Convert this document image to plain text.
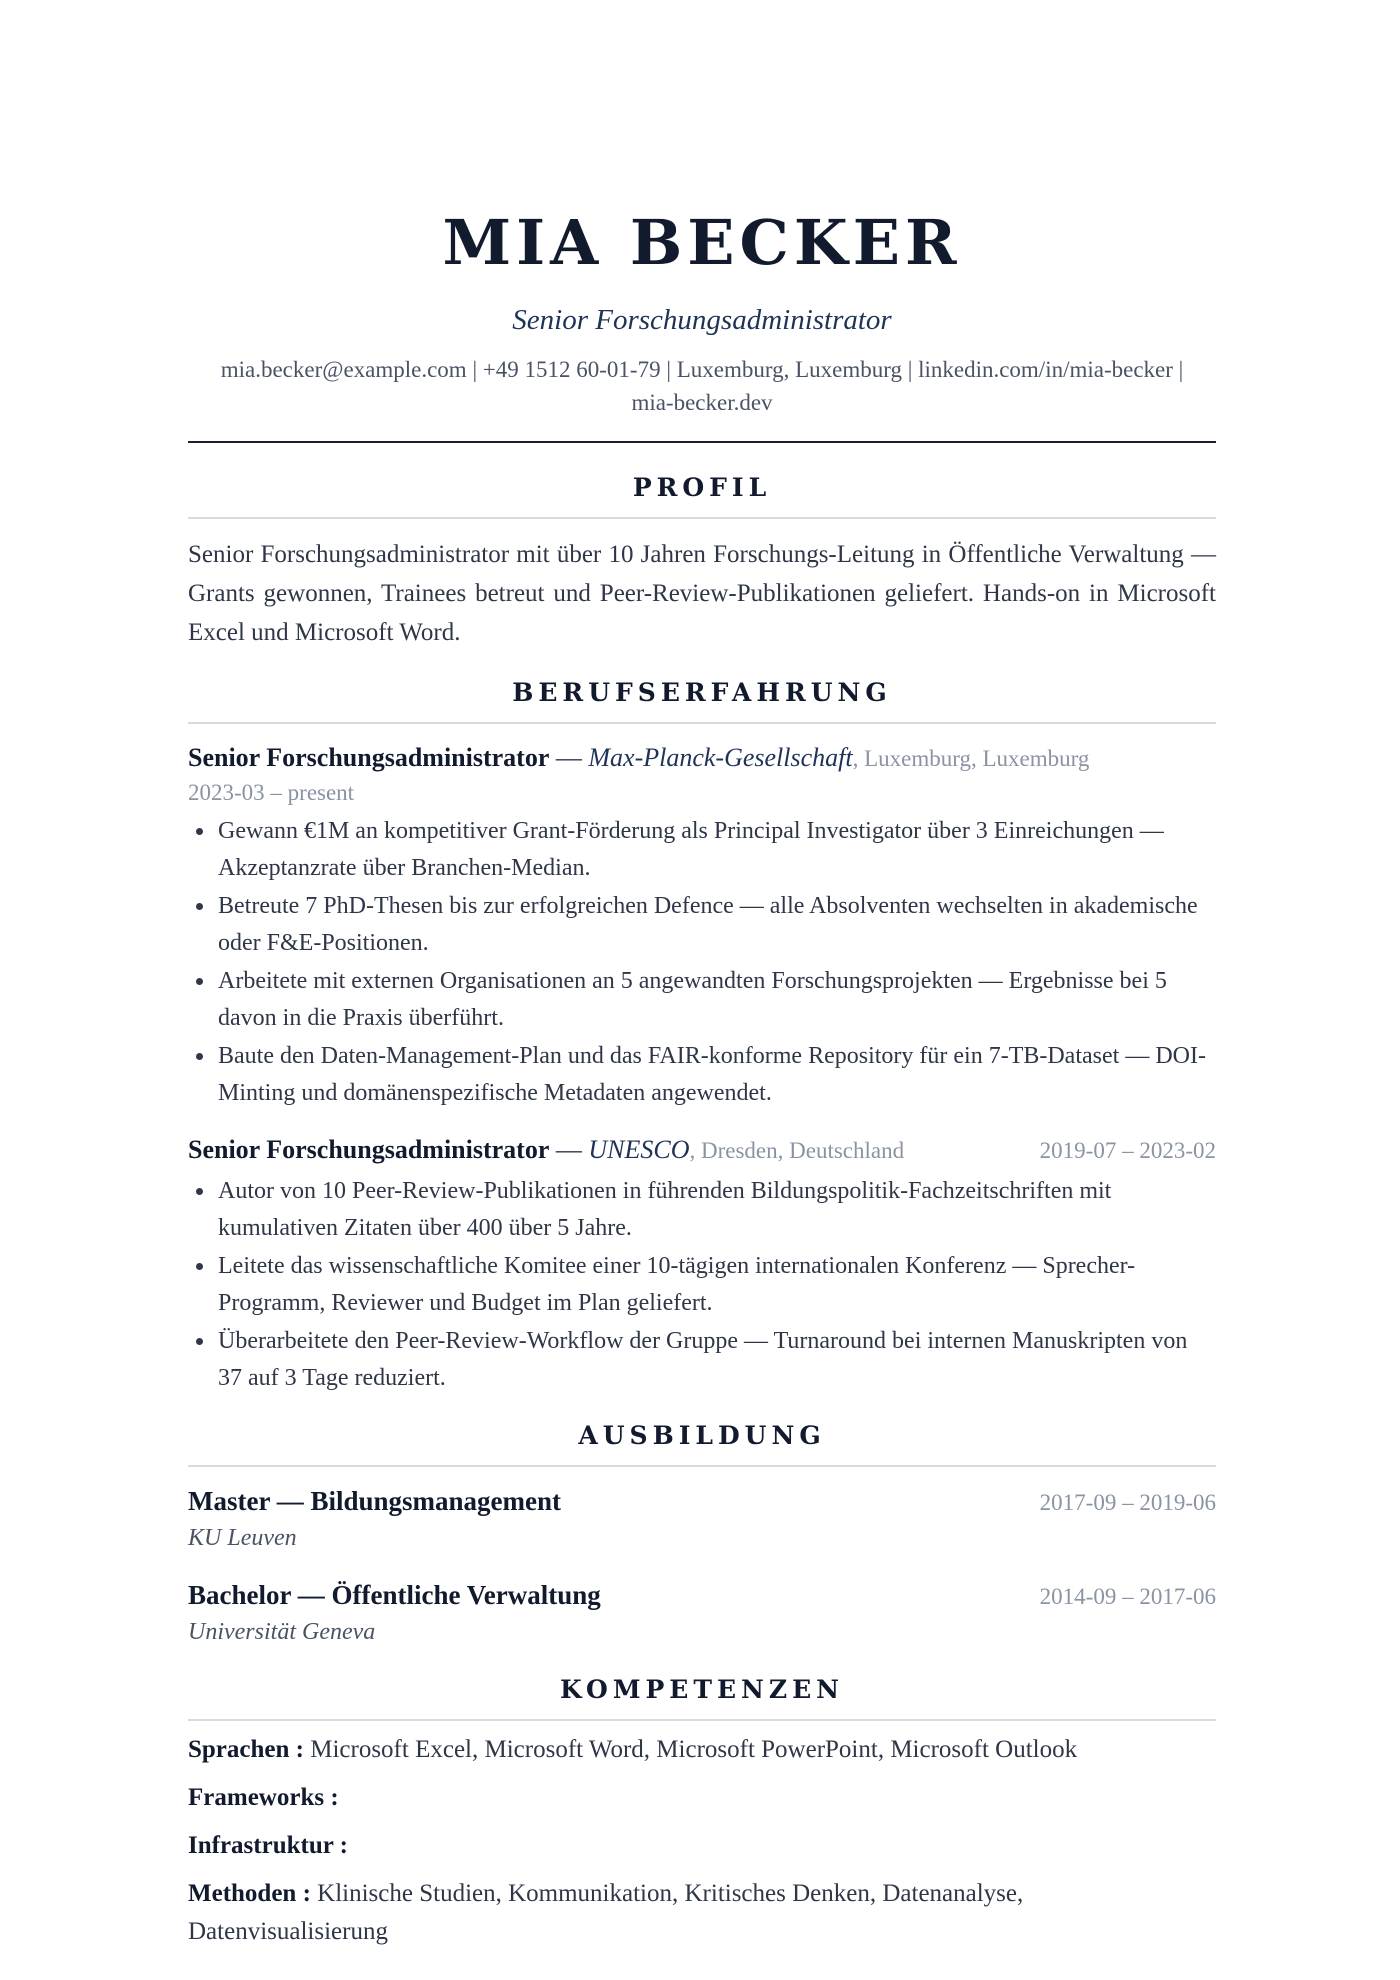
MIA BECKER
Senior Forschungsadministrator
mia.becker@example.com | +49 1512 60-01-79 | Luxemburg, Luxemburg | linkedin.com/in/mia-becker |
mia-becker.dev
PROFIL
Senior Forschungsadministrator mit über 10 Jahren Forschungs-Leitung in Öffentliche Verwaltung — Grants gewonnen, Trainees betreut und Peer-Review-Publikationen geliefert. Hands-on in Microsoft Excel und Microsoft Word.
BERUFSERFAHRUNG
Senior Forschungsadministrator — Max-Planck-Gesellschaft, Luxemburg, Luxemburg
2023-03 – present
• Gewann €1M an kompetitiver Grant-Förderung als Principal Investigator über 3 Einreichungen — Akzeptanzrate über Branchen-Median.
• Betreute 7 PhD-Thesen bis zur erfolgreichen Defence — alle Absolventen wechselten in akademische oder F&E-Positionen.
• Arbeitete mit externen Organisationen an 5 angewandten Forschungsprojekten — Ergebnisse bei 5 davon in die Praxis überführt.
• Baute den Daten-Management-Plan und das FAIR-konforme Repository für ein 7-TB-Dataset — DOI-Minting und domänenspezifische Metadaten angewendet.
Senior Forschungsadministrator — UNESCO, Dresden, Deutschland	2019-07 – 2023-02
• Autor von 10 Peer-Review-Publikationen in führenden Bildungspolitik-Fachzeitschriften mit kumulativen Zitaten über 400 über 5 Jahre.
• Leitete das wissenschaftliche Komitee einer 10-tägigen internationalen Konferenz — Sprecher-Programm, Reviewer und Budget im Plan geliefert.
• Überarbeitete den Peer-Review-Workflow der Gruppe — Turnaround bei internen Manuskripten von 37 auf 3 Tage reduziert.
AUSBILDUNG
Master — Bildungsmanagement	2017-09 – 2019-06
KU Leuven
Bachelor — Öffentliche Verwaltung	2014-09 – 2017-06
Universität Geneva
KOMPETENZEN
Sprachen : Microsoft Excel, Microsoft Word, Microsoft PowerPoint, Microsoft Outlook
Frameworks :
Infrastruktur :
Methoden : Klinische Studien, Kommunikation, Kritisches Denken, Datenanalyse, Datenvisualisierung
